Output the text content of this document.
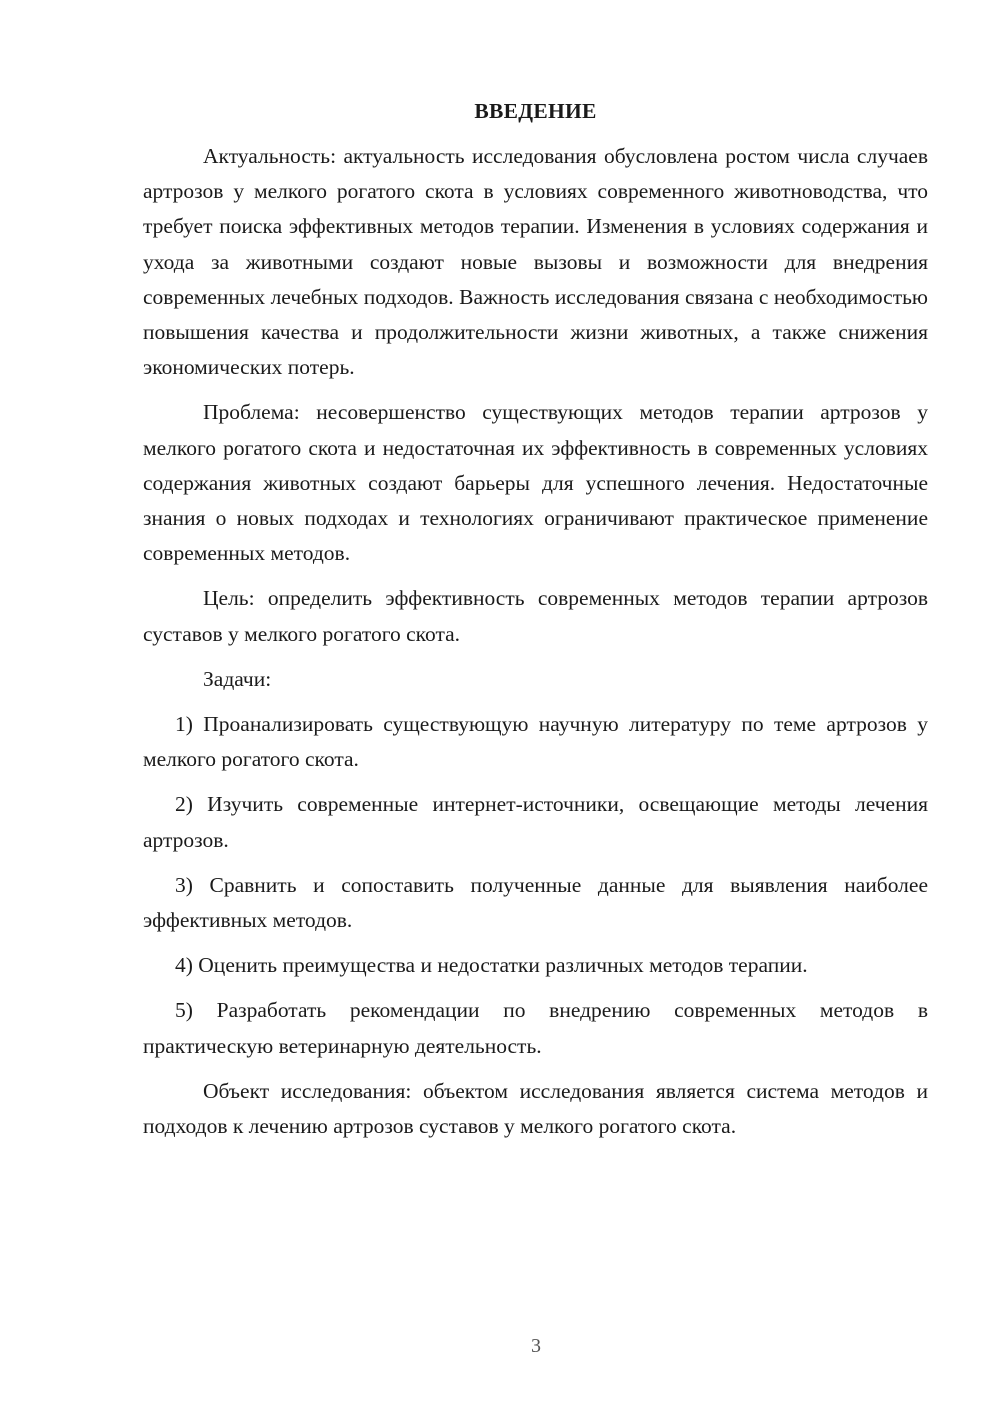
ВВЕДЕНИЕ

Актуальность: актуальность исследования обусловлена ростом числа случаев артрозов у мелкого рогатого скота в условиях современного животноводства, что требует поиска эффективных методов терапии. Изменения в условиях содержания и ухода за животными создают новые вызовы и возможности для внедрения современных лечебных подходов. Важность исследования связана с необходимостью повышения качества и продолжительности жизни животных, а также снижения экономических потерь.

Проблема: несовершенство существующих методов терапии артрозов у мелкого рогатого скота и недостаточная их эффективность в современных условиях содержания животных создают барьеры для успешного лечения. Недостаточные знания о новых подходах и технологиях ограничивают практическое применение современных методов.

Цель: определить эффективность современных методов терапии артрозов суставов у мелкого рогатого скота.

Задачи:

1) Проанализировать существующую научную литературу по теме артрозов у мелкого рогатого скота.

2) Изучить современные интернет-источники, освещающие методы лечения артрозов.

3) Сравнить и сопоставить полученные данные для выявления наиболее эффективных методов.

4) Оценить преимущества и недостатки различных методов терапии.

5) Разработать рекомендации по внедрению современных методов в практическую ветеринарную деятельность.

Объект исследования: объектом исследования является система методов и подходов к лечению артрозов суставов у мелкого рогатого скота.

3
